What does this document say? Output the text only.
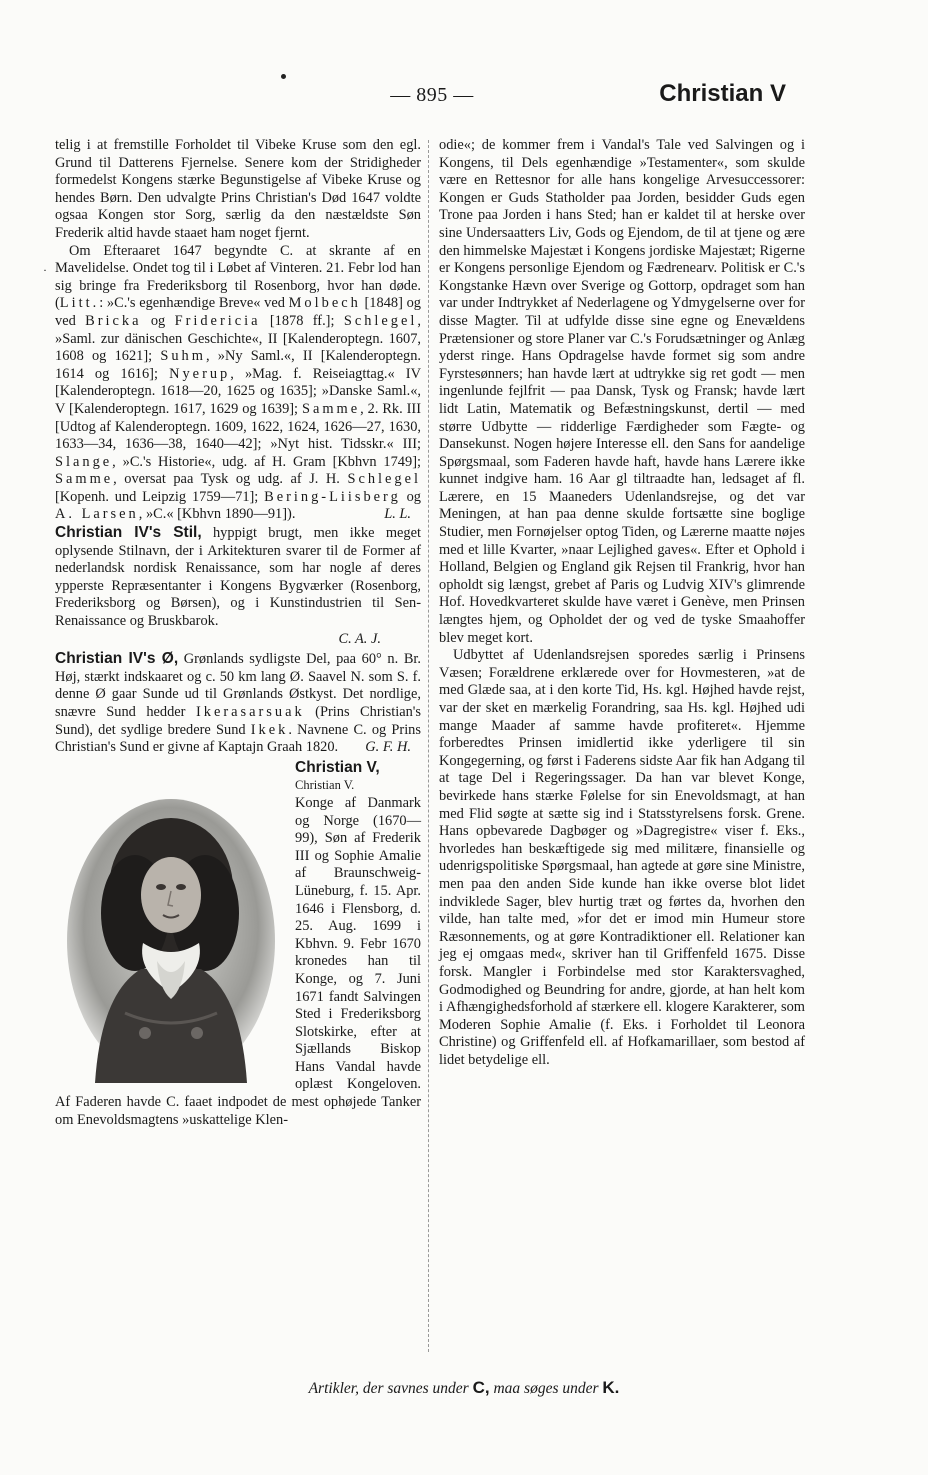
— 895 —	Christian V
·

telig i at fremstille Forholdet til Vibeke Kruse som den egl. Grund til Datterens Fjernelse. Senere kom der Stridigheder formedelst Kongens stærke Begunstigelse af Vibeke Kruse og hendes Børn. Den udvalgte Prins Christian's Død 1647 voldte ogsaa Kongen stor Sorg, særlig da den næstældste Søn Frederik altid havde staaet ham noget fjernt.

Om Efteraaret 1647 begyndte C. at skrante af en Mavelidelse. Ondet tog til i Løbet af Vinteren. 21. Febr lod han sig bringe fra Frederiksborg til Rosenborg, hvor han døde. (Litt.: »C.'s egenhændige Breve« ved Molbech [1848] og ved Bricka og Fridericia [1878 ff.]; Schlegel, »Saml. zur dänischen Geschichte«, II [Kalenderoptegn. 1607, 1608 og 1621]; Suhm, »Ny Saml.«, II [Kalenderoptegn. 1614 og 1616]; Nyerup, »Mag. f. Reiseiagttag.« IV [Kalenderoptegn. 1618—20, 1625 og 1635]; »Danske Saml.«, V [Kalenderoptegn. 1617, 1629 og 1639]; Samme, 2. Rk. III [Udtog af Kalenderoptegn. 1609, 1622, 1624, 1626—27, 1630, 1633—34, 1636—38, 1640—42]; »Nyt hist. Tidsskr.« III; Slange, »C.'s Historie«, udg. af H. Gram [Kbhvn 1749]; Samme, oversat paa Tysk og udg. af J. H. Schlegel [Kopenh. und Leipzig 1759—71]; Bering-Liisberg og A. Larsen, »C.« [Kbhvn 1890—91]).	L. L.

Christian IV's Stil, hyppigt brugt, men ikke meget oplysende Stilnavn, der i Arkitekturen svarer til de Former af nederlandsk nordisk Renaissance, som har nogle af deres ypperste Repræsentanter i Kongens Bygværker (Rosenborg, Frederiksborg og Børsen), og i Kunstindustrien til Sen-Renaissance og Bruskbarok.

C. A. J.

Christian IV's Ø, Grønlands sydligste Del, paa 60° n. Br. Høj, stærkt indskaaret og c. 50 km lang Ø. Saavel N. som S. f. denne Ø gaar Sunde ud til Grønlands Østkyst. Det nordlige, snævre Sund hedder Ikerasarsuak (Prins Christian's Sund), det sydlige bredere Sund Ikek. Navnene C. og Prins Christian's Sund er givne af Kaptajn Graah 1820. G. F. H.

Christian V,

Christian V.
Konge af Danmark og Norge (1670—99), Søn af Frederik III og Sophie Amalie af Braunschweig-Lüneburg, f. 15. Apr. 1646 i Flensborg, d. 25. Aug. 1699 i Kbhvn. 9. Febr 1670 kronedes han til Konge, og 7. Juni 1671 fandt Salvingen Sted i Frederiksborg Slotskirke, efter at Sjællands Biskop Hans Vandal havde oplæst Kongeloven. Af Faderen havde C. faaet indpodet de mest ophøjede Tanker om Enevoldsmagtens »uskattelige Klen-

odie«; de kommer frem i Vandal's Tale ved Salvingen og i Kongens, til Dels egenhændige »Testamenter«, som skulde være en Rettesnor for alle hans kongelige Arvesuccessorer: Kongen er Guds Statholder paa Jorden, besidder Guds egen Trone paa Jorden i hans Sted; han er kaldet til at herske over sine Undersaatters Liv, Gods og Ejendom, de til at tjene og ære den himmelske Majestæt i Kongens jordiske Majestæt; Rigerne er Kongens personlige Ejendom og Fædrenearv. Politisk er C.'s Kongstanke Hævn over Sverige og Gottorp, opdraget som han var under Indtrykket af Nederlagene og Ydmygelserne over for disse Magter. Til at udfylde disse sine egne og Enevældens Prætensioner og store Planer var C.'s Forudsætninger og Anlæg yderst ringe. Hans Opdragelse havde formet sig som andre Fyrstesønners; han havde lært at udtrykke sig ret godt — men ingenlunde fejlfrit — paa Dansk, Tysk og Fransk; havde lært lidt Latin, Matematik og Befæstningskunst, dertil — med større Udbytte — ridderlige Færdigheder som Fægte- og Dansekunst. Nogen højere Interesse ell. den Sans for aandelige Spørgsmaal, som Faderen havde haft, havde hans Lærere ikke kunnet indgive ham. 16 Aar gl tiltraadte han, ledsaget af fl. Lærere, en 15 Maaneders Udenlandsrejse, og det var Meningen, at han paa denne skulde fortsætte sine boglige Studier, men Fornøjelser optog Tiden, og Lærerne maatte nøjes med et lille Kvarter, »naar Lejlighed gaves«. Efter et Ophold i Holland, Belgien og England gik Rejsen til Frankrig, hvor han opholdt sig længst, grebet af Paris og Ludvig XIV's glimrende Hof. Hovedkvarteret skulde have været i Genève, men Prinsen længtes hjem, og Opholdet der og ved de tyske Smaahoffer blev meget kort.

Udbyttet af Udenlandsrejsen sporedes særlig i Prinsens Væsen; Forældrene erklærede over for Hovmesteren, »at de med Glæde saa, at i den korte Tid, Hs. kgl. Højhed havde rejst, var der sket en mærkelig Forandring, saa Hs. kgl. Højhed udi mange Maader af samme havde profiteret«. Hjemme forberedtes Prinsen imidlertid ikke yderligere til sin Kongegerning, og først i Faderens sidste Aar fik han Adgang til at tage Del i Regeringssager. Da han var blevet Konge, bevirkede hans stærke Følelse for sin Enevoldsmagt, at han med Flid søgte at sætte sig ind i Statsstyrelsens forsk. Grene. Hans opbevarede Dagbøger og »Dagregistre« viser f. Eks., hvorledes han beskæftigede sig med militære, finansielle og udenrigspolitiske Spørgsmaal, han agtede at gøre sine Ministre, men paa den anden Side kunde han ikke overse blot lidet indviklede Sager, blev hurtig træt og førtes da, hvorhen den vilde, han talte med, »for det er imod min Humeur store Ræsonnements, og at gøre Kontradiktioner ell. Relationer kan jeg ej omgaas med«, skriver han til Griffenfeld 1675. Disse forsk. Mangler i Forbindelse med stor Karaktersvaghed, Godmodighed og Beundring for andre, gjorde, at han helt kom i Afhængighedsforhold af stærkere ell. klogere Karakterer, som Moderen Sophie Amalie (f. Eks. i Forholdet til Leonora Christine) og Griffenfeld ell. af Hofkamarillaer, som bestod af lidet betydelige ell.

Artikler, der savnes under C, maa søges under K.
